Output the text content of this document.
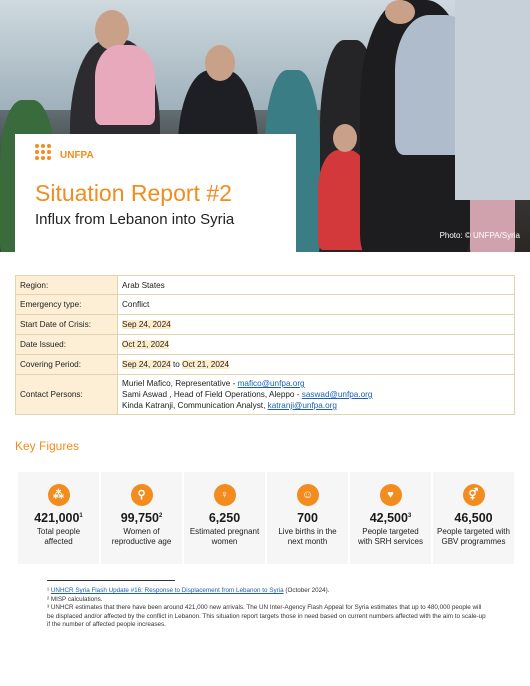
Photo: © UNFPA/Syria
UNFPA
Situation Report #2
Influx from Lebanon into Syria
Region:	Arab States
Emergency type:	Conflict
Start Date of Crisis:	Sep 24, 2024
Date Issued:	Oct 21, 2024
Covering Period:	Sep 24, 2024 to Oct 21, 2024
Contact Persons:	Muriel Mafico, Representative - mafico@unfpa.org
Sami Aswad , Head of Field Operations, Aleppo - saswad@unfpa.org
Kinda Katranji, Communication Analyst, katranji@unfpa.org
Key Figures
⁂
421,000$^1$
Total people
affected
⚲
99,750$^2$
Women of
reproductive age
♀
6,250
Estimated pregnant
women
☺
700
Live births in the
next month
♥
42,500$^3$
People targeted
with SRH services
⚥
46,500
People targeted with
GBV programmes

¹ UNHCR Syria Flash Update #16: Response to Displacement from Lebanon to Syria (October 2024).

² MISP calculations.

³ UNHCR estimates that there have been around 421,000 new arrivals. The UN Inter-Agency Flash Appeal for Syria estimates that up to 480,000 people will be displaced and/or affected by the conflict in Lebanon. This situation report targets those in need based on current numbers affected with the aim to scale-up if the number of affected people increases.
